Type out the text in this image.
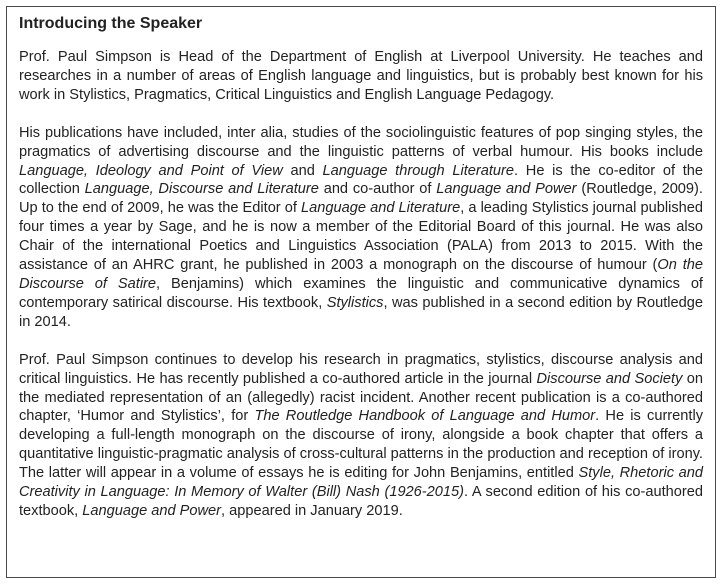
Introducing the Speaker

Prof. Paul Simpson is Head of the Department of English at Liverpool University. He teaches and researches in a number of areas of English language and linguistics, but is probably best known for his work in Stylistics, Pragmatics, Critical Linguistics and English Language Pedagogy.

His publications have included, inter alia, studies of the sociolinguistic features of pop singing styles, the pragmatics of advertising discourse and the linguistic patterns of verbal humour. His books include Language, Ideology and Point of View and Language through Literature. He is the co-editor of the collection Language, Discourse and Literature and co-author of Language and Power (Routledge, 2009). Up to the end of 2009, he was the Editor of Language and Literature, a leading Stylistics journal published four times a year by Sage, and he is now a member of the Editorial Board of this journal. He was also Chair of the international Poetics and Linguistics Association (PALA) from 2013 to 2015. With the assistance of an AHRC grant, he published in 2003 a monograph on the discourse of humour (On the Discourse of Satire, Benjamins) which examines the linguistic and communicative dynamics of contemporary satirical discourse. His textbook, Stylistics, was published in a second edition by Routledge in 2014.

Prof. Paul Simpson continues to develop his research in pragmatics, stylistics, discourse analysis and critical linguistics. He has recently published a co-authored article in the journal Discourse and Society on the mediated representation of an (allegedly) racist incident. Another recent publication is a co-authored chapter, ‘Humor and Stylistics’, for The Routledge Handbook of Language and Humor. He is currently developing a full-length monograph on the discourse of irony, alongside a book chapter that offers a quantitative linguistic-pragmatic analysis of cross-cultural patterns in the production and reception of irony. The latter will appear in a volume of essays he is editing for John Benjamins, entitled Style, Rhetoric and Creativity in Language: In Memory of Walter (Bill) Nash (1926-2015). A second edition of his co-authored textbook, Language and Power, appeared in January 2019.
